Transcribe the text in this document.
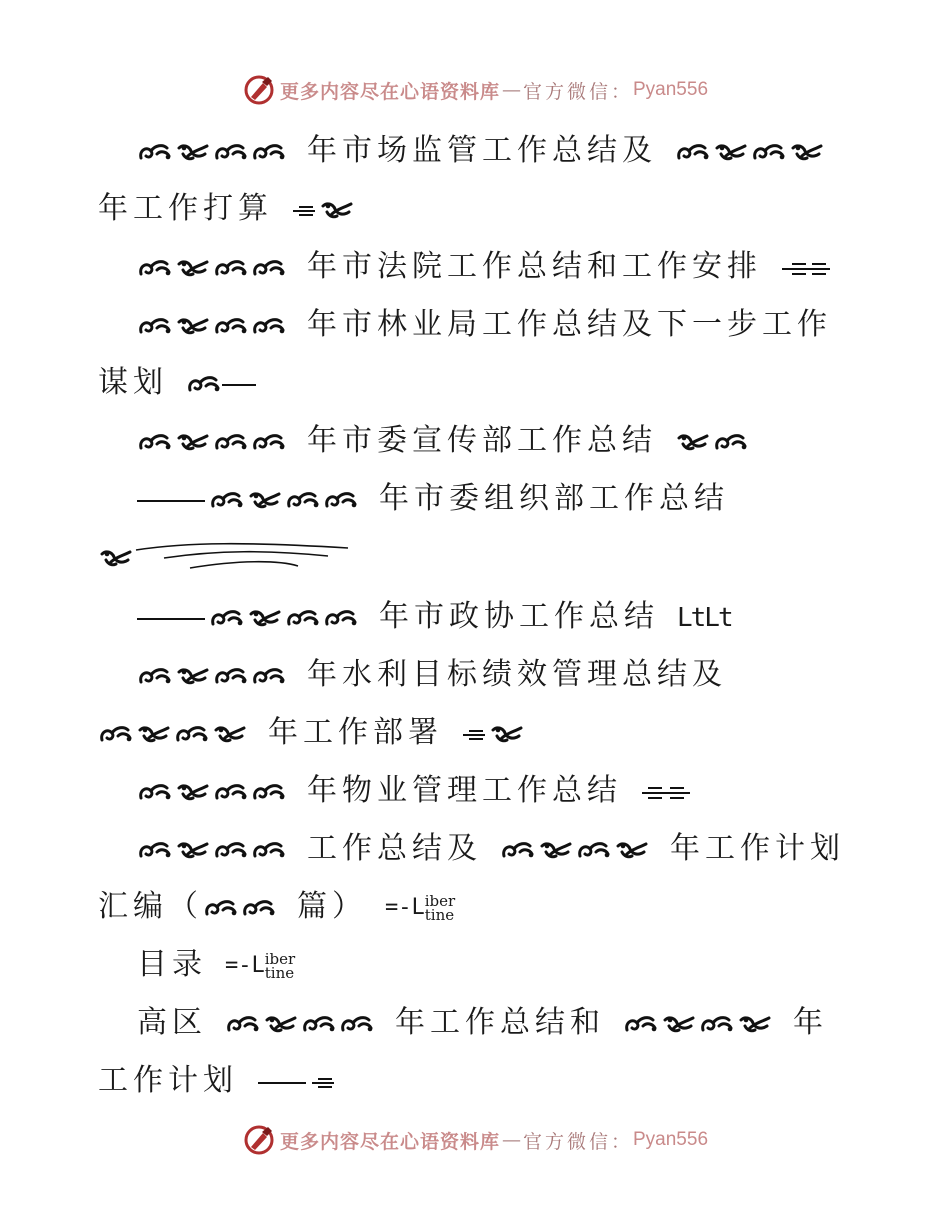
更多内容尽在心语资料库 — 官方微信： Pyan556
年市场监管工作总结及
年工作打算
年市法院工作总结和工作安排
年市林业局工作总结及下一步工作
谋划
年市委宣传部工作总结
年市委组织部工作总结
年市政协工作总结 LtLt
年水利目标绩效管理总结及
年工作部署
年物业管理工作总结
工作总结及	年工作计划
汇编（	篇） =-Liber
tine
目录 =-Liber
tine
高区	年工作总结和	年
工作计划
更多内容尽在心语资料库 — 官方微信： Pyan556
